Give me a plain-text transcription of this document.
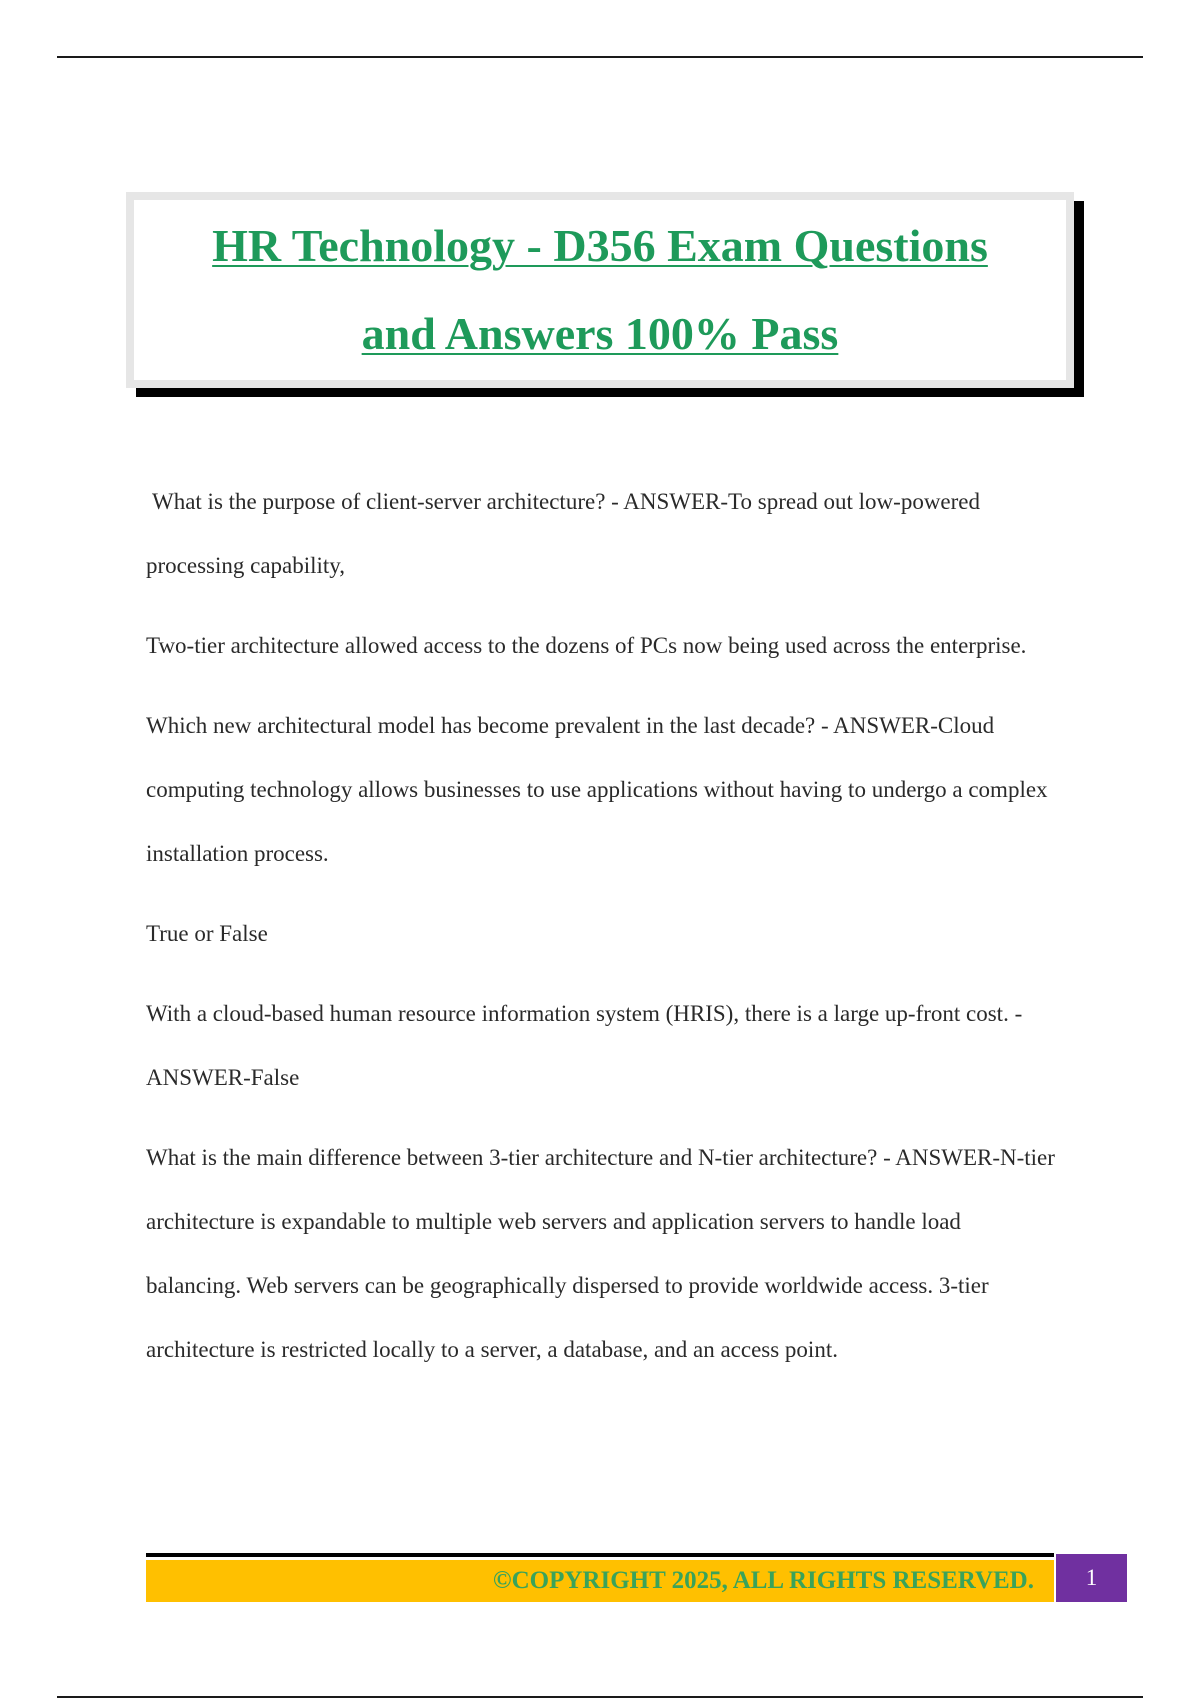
HR Technology - D356 Exam Questions
and Answers 100% Pass

What is the purpose of client-server architecture? - ANSWER-To spread out low-powered processing capability,

Two-tier architecture allowed access to the dozens of PCs now being used across the enterprise.

Which new architectural model has become prevalent in the last decade? - ANSWER-Cloud computing technology allows businesses to use applications without having to undergo a complex installation process.

True or False

With a cloud-based human resource information system (HRIS), there is a large up-front cost. - ANSWER-False

What is the main difference between 3-tier architecture and N-tier architecture? - ANSWER-N-tier architecture is expandable to multiple web servers and application servers to handle load balancing. Web servers can be geographically dispersed to provide worldwide access. 3-tier architecture is restricted locally to a server, a database, and an access point.

©COPYRIGHT 2025, ALL RIGHTS RESERVED. 1
